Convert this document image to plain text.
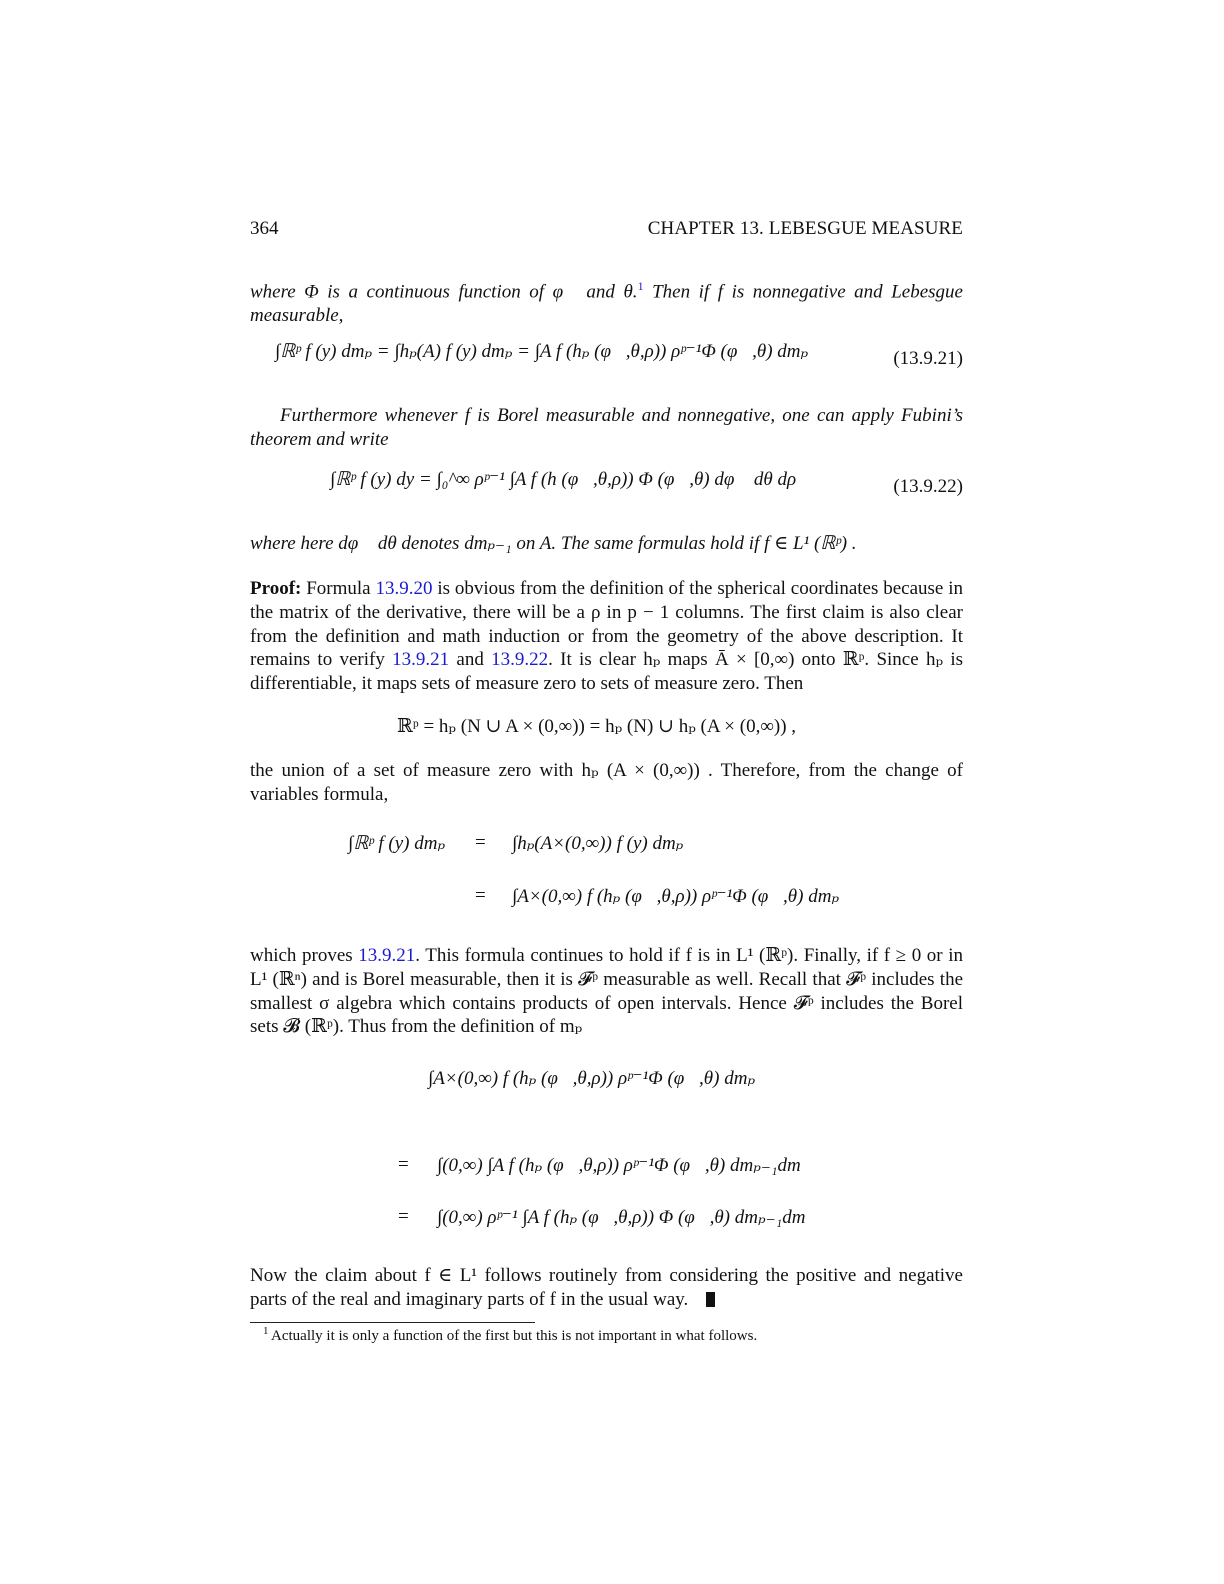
364	CHAPTER 13. LEBESGUE MEASURE
where Φ is a continuous function of φ⃗ and θ.$^1$ Then if f is nonnegative and Lebesgue measurable,
∫ℝᵖ f (y) dmₚ = ∫hₚ(A) f (y) dmₚ = ∫A f (hₚ (φ⃗,θ,ρ)) ρᵖ⁻¹Φ (φ⃗,θ) dmₚ	(13.9.21)
Furthermore whenever f is Borel measurable and nonnegative, one can apply Fubini’s theorem and write
∫ℝᵖ f (y) dy = ∫₀^∞ ρᵖ⁻¹ ∫A f (h (φ⃗,θ,ρ)) Φ (φ⃗,θ) dφ⃗ dθ dρ	(13.9.22)
where here dφ⃗ dθ denotes dmₚ₋₁ on A. The same formulas hold if f ∈ L¹ (ℝᵖ) .
Proof: Formula 13.9.20 is obvious from the definition of the spherical coordinates because in the matrix of the derivative, there will be a ρ in p − 1 columns. The first claim is also clear from the definition and math induction or from the geometry of the above description. It remains to verify 13.9.21 and 13.9.22. It is clear hₚ maps Ā × [0,∞) onto ℝᵖ. Since hₚ is differentiable, it maps sets of measure zero to sets of measure zero. Then
ℝᵖ = hₚ (N ∪ A × (0,∞)) = hₚ (N) ∪ hₚ (A × (0,∞)) ,
the union of a set of measure zero with hₚ (A × (0,∞)) . Therefore, from the change of variables formula,
∫ℝᵖ f (y) dmₚ = ∫hₚ(A×(0,∞)) f (y) dmₚ
= ∫A×(0,∞) f (hₚ (φ⃗,θ,ρ)) ρᵖ⁻¹Φ (φ⃗,θ) dmₚ
which proves 13.9.21. This formula continues to hold if f is in L¹ (ℝᵖ). Finally, if f ≥ 0 or in L¹ (ℝⁿ) and is Borel measurable, then it is 𝓕ᵖ measurable as well. Recall that 𝓕ᵖ includes the smallest σ algebra which contains products of open intervals. Hence 𝓕ᵖ includes the Borel sets 𝓑 (ℝᵖ). Thus from the definition of mₚ
∫A×(0,∞) f (hₚ (φ⃗,θ,ρ)) ρᵖ⁻¹Φ (φ⃗,θ) dmₚ
= ∫(0,∞) ∫A f (hₚ (φ⃗,θ,ρ)) ρᵖ⁻¹Φ (φ⃗,θ) dmₚ₋₁dm
= ∫(0,∞) ρᵖ⁻¹ ∫A f (hₚ (φ⃗,θ,ρ)) Φ (φ⃗,θ) dmₚ₋₁dm
Now the claim about f ∈ L¹ follows routinely from considering the positive and negative parts of the real and imaginary parts of f in the usual way.
1 Actually it is only a function of the first but this is not important in what follows.
